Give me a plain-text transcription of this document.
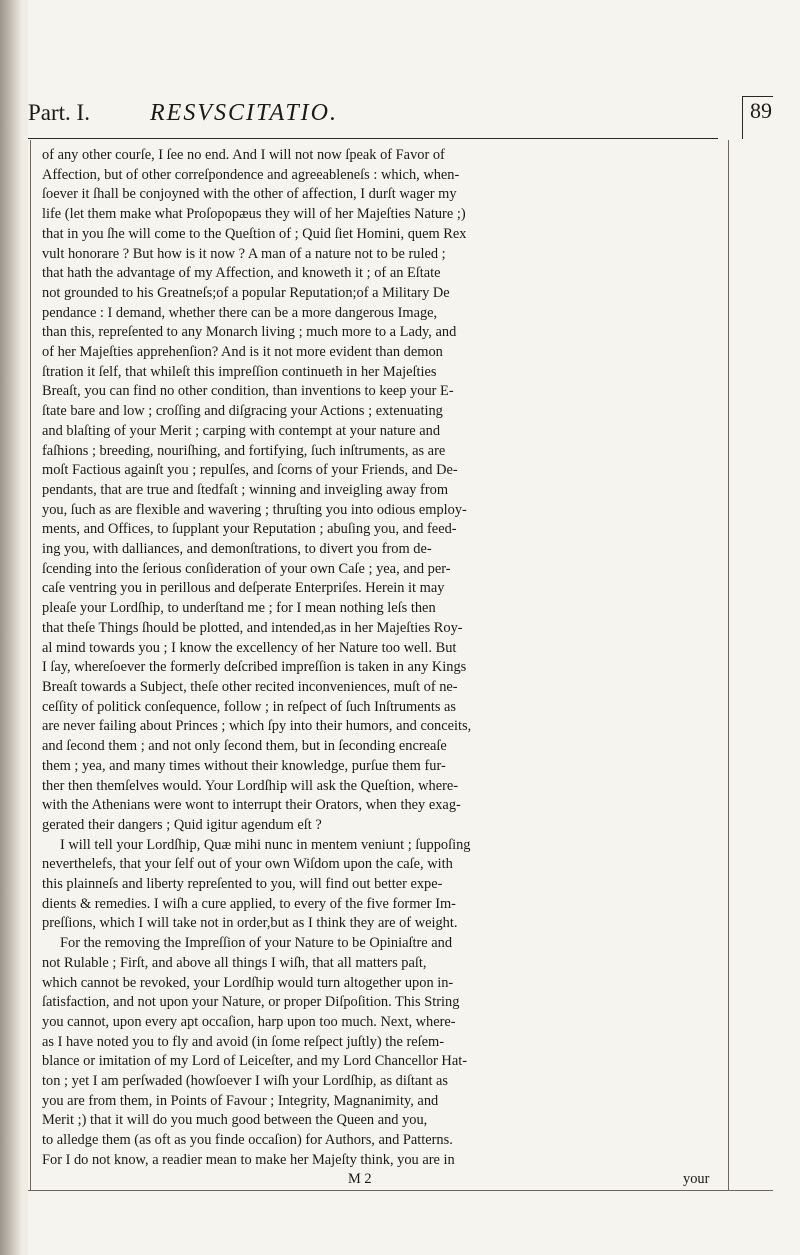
Part. I.	RESVSCITATIO.	89
of any other courſe, I ſee no end. And I will not now ſpeak of Favor of
Affection, but of other correſpondence and agreeableneſs : which, when-
ſoever it ſhall be conjoyned with the other of affection, I durſt wager my
life (let them make what Proſopopæus they will of her Majeſties Nature ;)
that in you ſhe will come to the Queſtion of ; Quid ſiet Homini, quem Rex
vult honorare ? But how is it now ? A man of a nature not to be ruled ;
that hath the advantage of my Affection, and knoweth it ; of an Eſtate
not grounded to his Greatneſs;of a popular Reputation;of a Military De
pendance : I demand, whether there can be a more dangerous Image,
than this, repreſented to any Monarch living ; much more to a Lady, and
of her Majeſties apprehenſion? And is it not more evident than demon
ſtration it ſelf, that whileſt this impreſſion continueth in her Majeſties
Breaſt, you can find no other condition, than inventions to keep your E-
ſtate bare and low ; croſſing and diſgracing your Actions ; extenuating
and blaſting of your Merit ; carping with contempt at your nature and
faſhions ; breeding, nouriſhing, and fortifying, ſuch inſtruments, as are
moſt Factious againſt you ; repulſes, and ſcorns of your Friends, and De-
pendants, that are true and ſtedfaſt ; winning and inveigling away from
you, ſuch as are flexible and wavering ; thruſting you into odious employ-
ments, and Offices, to ſupplant your Reputation ; abuſing you, and feed-
ing you, with dalliances, and demonſtrations, to divert you from de-
ſcending into the ſerious conſideration of your own Caſe ; yea, and per-
caſe ventring you in perillous and deſperate Enterpriſes. Herein it may
pleaſe your Lordſhip, to underſtand me ; for I mean nothing leſs then
that theſe Things ſhould be plotted, and intended,as in her Majeſties Roy-
al mind towards you ; I know the excellency of her Nature too well. But
I ſay, whereſoever the formerly deſcribed impreſſion is taken in any Kings
Breaſt towards a Subject, theſe other recited inconveniences, muſt of ne-
ceſſity of politick conſequence, follow ; in reſpect of ſuch Inſtruments as
are never failing about Princes ; which ſpy into their humors, and conceits,
and ſecond them ; and not only ſecond them, but in ſeconding encreaſe
them ; yea, and many times without their knowledge, purſue them fur-
ther then themſelves would. Your Lordſhip will ask the Queſtion, where-
with the Athenians were wont to interrupt their Orators, when they exag-
gerated their dangers ; Quid igitur agendum eſt ?
I will tell your Lordſhip, Quæ mihi nunc in mentem veniunt ; ſuppoſing
neverthelefs, that your ſelf out of your own Wiſdom upon the caſe, with
this plainneſs and liberty repreſented to you, will find out better expe-
dients & remedies. I wiſh a cure applied, to every of the five former Im-
preſſions, which I will take not in order,but as I think they are of weight.
For the removing the Impreſſion of your Nature to be Opiniaſtre and
not Rulable ; Firſt, and above all things I wiſh, that all matters paſt,
which cannot be revoked, your Lordſhip would turn altogether upon in-
ſatisfaction, and not upon your Nature, or proper Diſpoſition. This String
you cannot, upon every apt occaſion, harp upon too much. Next, where-
as I have noted you to fly and avoid (in ſome reſpect juſtly) the reſem-
blance or imitation of my Lord of Leiceſter, and my Lord Chancellor Hat-
ton ; yet I am perſwaded (howſoever I wiſh your Lordſhip, as diſtant as
you are from them, in Points of Favour ; Integrity, Magnanimity, and
Merit ;) that it will do you much good between the Queen and you,
to alledge them (as oft as you finde occaſion) for Authors, and Patterns.
For I do not know, a readier mean to make her Majeſty think, you are in
M 2	your
